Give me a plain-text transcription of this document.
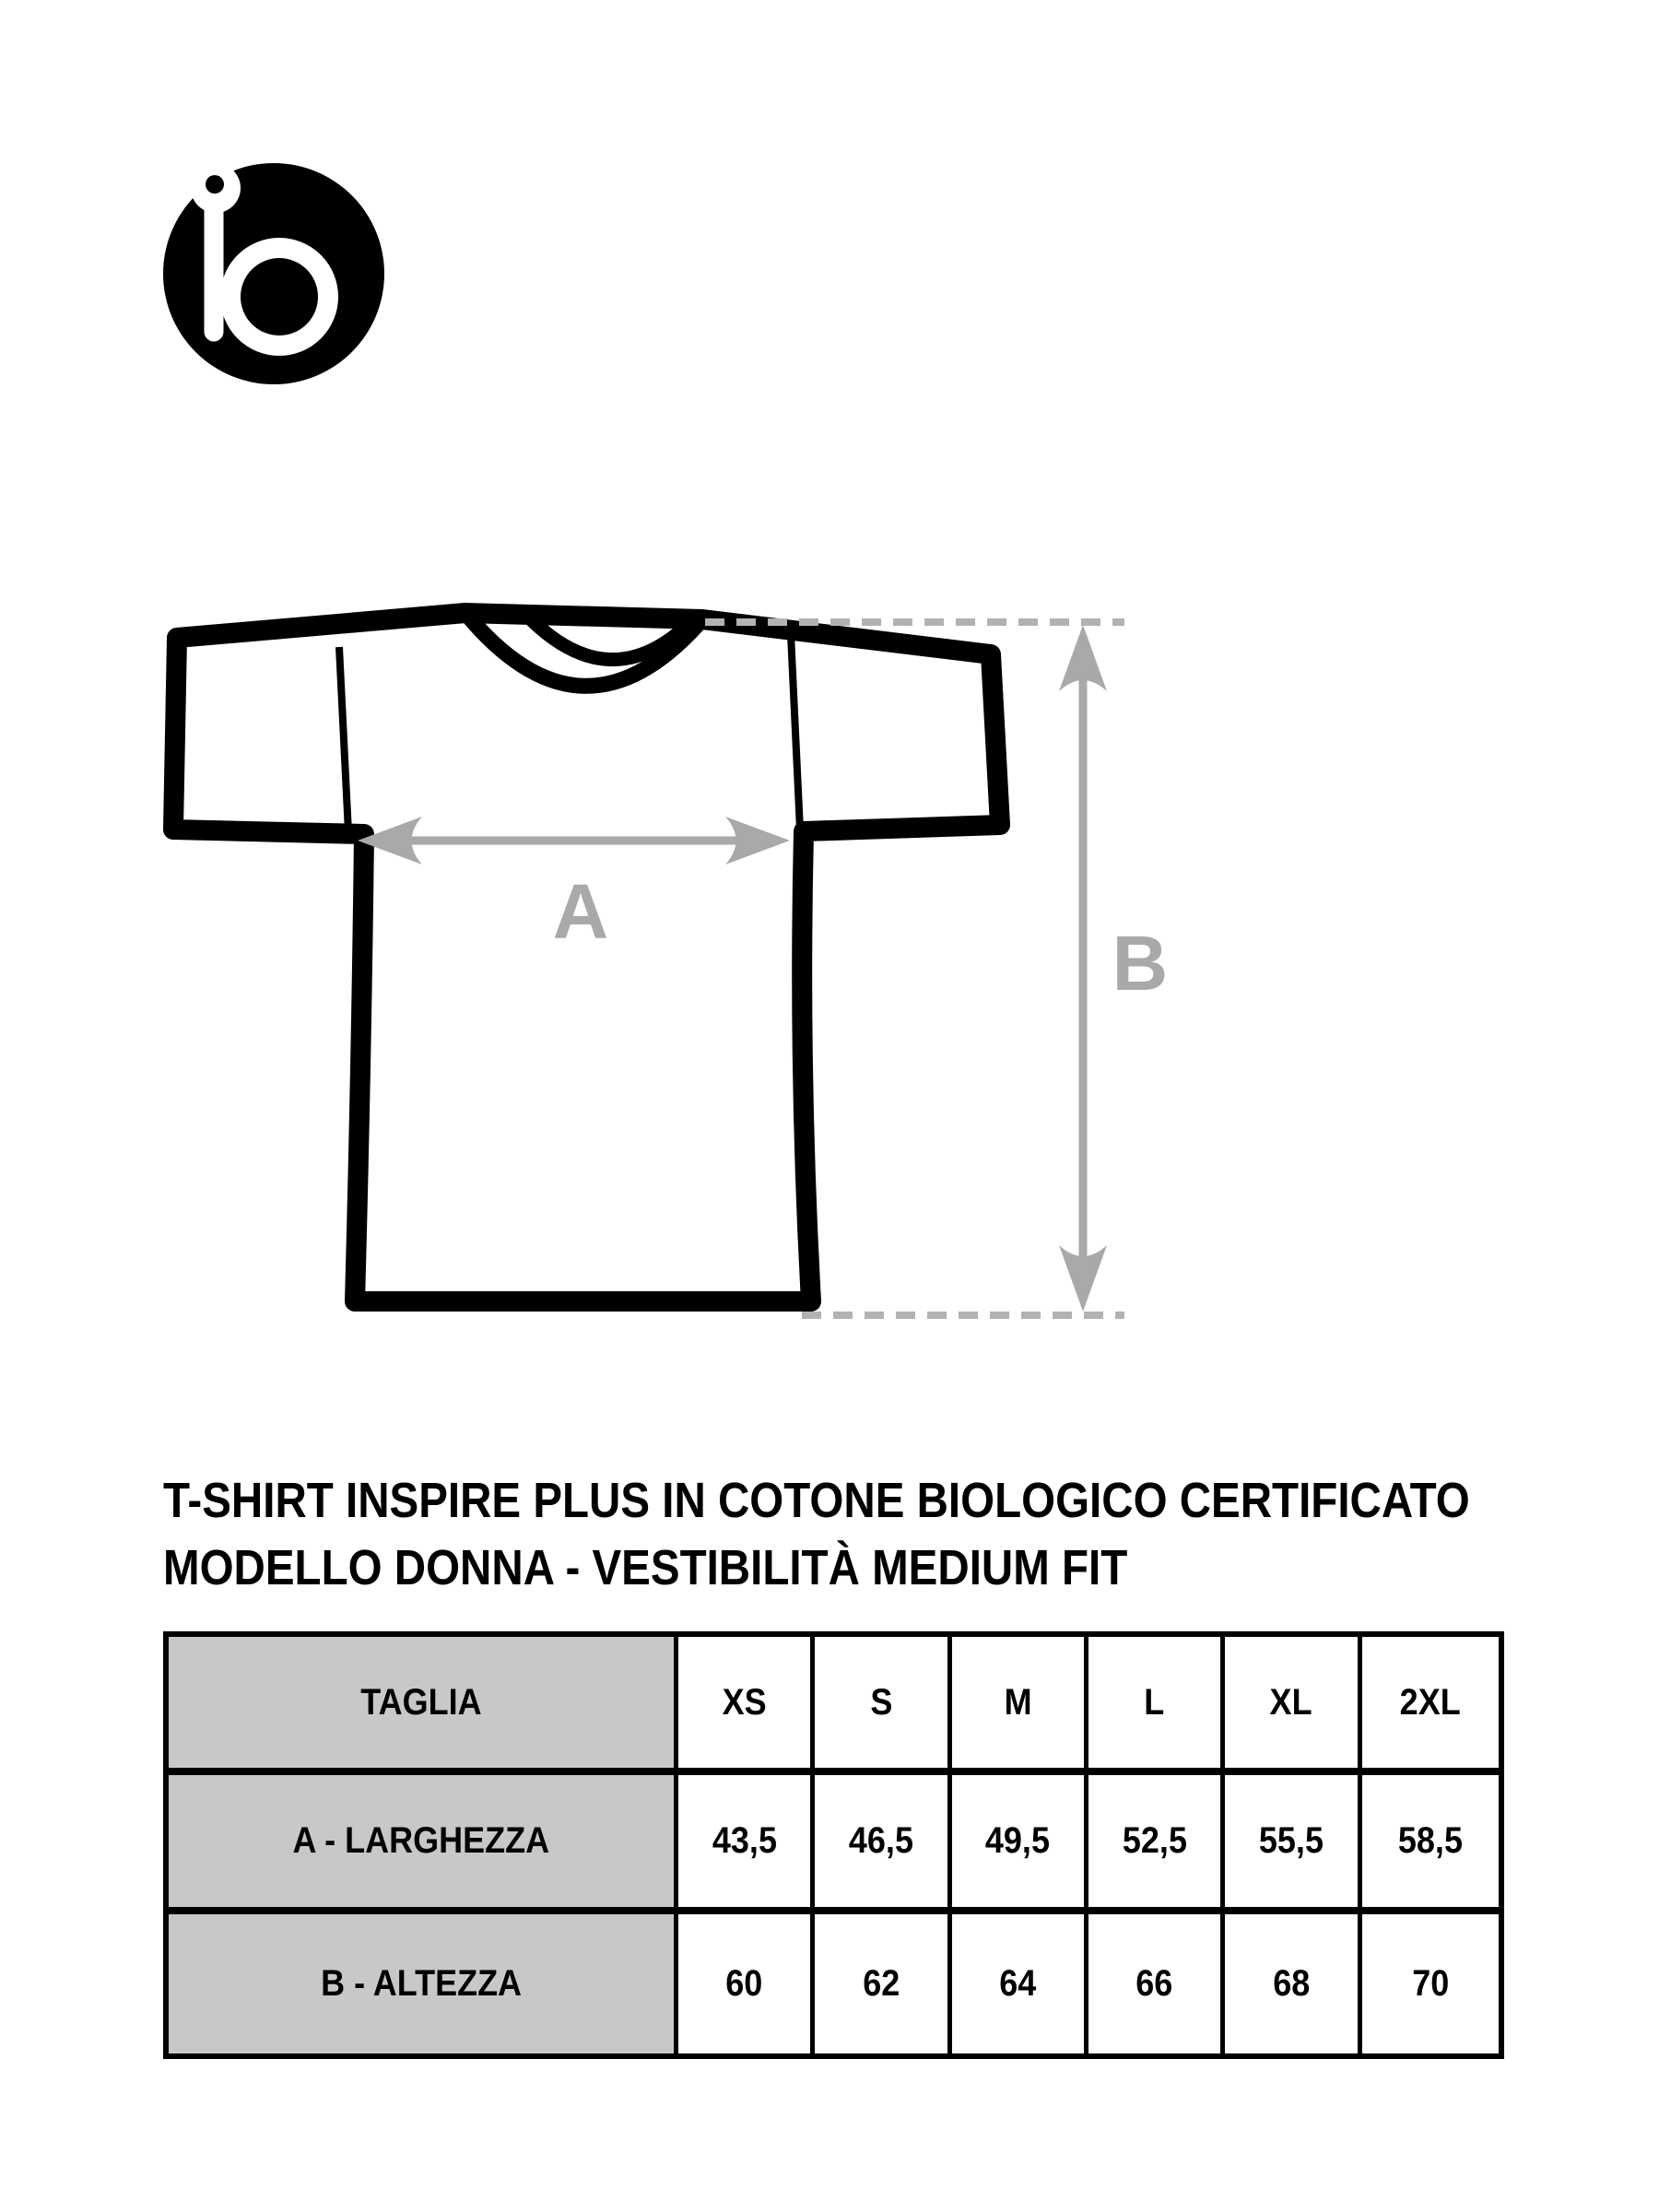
A
B
T-SHIRT INSPIRE PLUS IN COTONE BIOLOGICO CERTIFICATO
MODELLO DONNA - VESTIBILITÀ MEDIUM FIT
TAGLIA	XS	S	M	L	XL 2XL
A - LARGHEZZA	43,5 46,5 49,5 52,5 55,5 58,5
B - ALTEZZA	60	62	64	66	68	70
